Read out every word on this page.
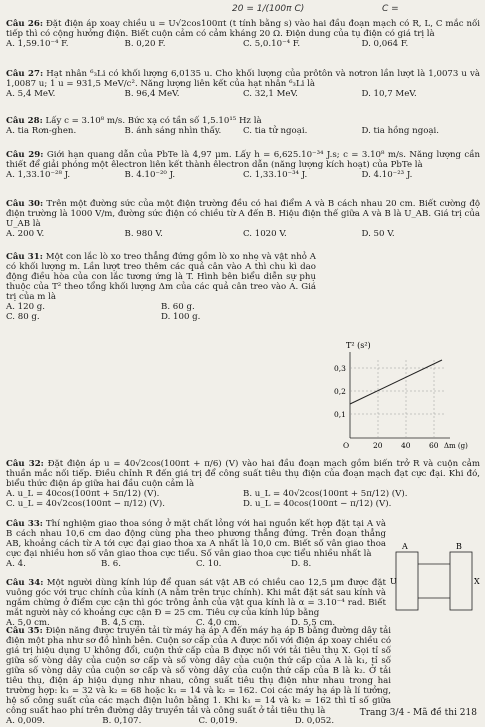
20 = 1/(100π C)	C =

Câu 26: Đặt điện áp xoay chiều u = U√2cos100πt (t tính bằng s) vào hai đầu đoạn mạch có R, L, C mắc nối tiếp thì có cộng hưởng điện. Biết cuộn cảm có cảm kháng 20 Ω. Điện dung của tụ điện có giá trị là

A. 1,59.10⁻⁴ F.	B. 0,20 F.	C. 5,0.10⁻⁴ F.	D. 0,064 F.

Câu 27: Hạt nhân ⁶₃Li có khối lượng 6,0135 u. Cho khối lượng của prôtôn và nơtron lần lượt là 1,0073 u và 1,0087 u; 1 u = 931,5 MeV/c². Năng lượng liên kết của hạt nhân ⁶₃Li là

A. 5,4 MeV.	B. 96,4 MeV.	C. 32,1 MeV.	D. 10,7 MeV.

Câu 28: Lấy c = 3.10⁸ m/s. Bức xạ có tần số 1,5.10¹⁵ Hz là

A. tia Rơn-ghen.	B. ánh sáng nhìn thấy.	C. tia tử ngoại.	D. tia hồng ngoại.

Câu 29: Giới hạn quang dẫn của PbTe là 4,97 μm. Lấy h = 6,625.10⁻³⁴ J.s; c = 3.10⁸ m/s. Năng lượng cần thiết để giải phóng một êlectron liên kết thành êlectron dẫn (năng lượng kích hoạt) của PbTe là

A. 1,33.10⁻²⁸ J.	B. 4.10⁻²⁰ J.	C. 1,33.10⁻³⁴ J.	D. 4.10⁻²³ J.

Câu 30: Trên một đường sức của một điện trường đều có hai điểm A và B cách nhau 20 cm. Biết cường độ điện trường là 1000 V/m, đường sức điện có chiều từ A đến B. Hiệu điện thế giữa A và B là U_AB. Giá trị của U_AB là

A. 200 V.	B. 980 V.	C. 1020 V.	D. 50 V.

Câu 31: Một con lắc lò xo treo thẳng đứng gồm lò xo nhẹ và vật nhỏ A có khối lượng m. Lần lượt treo thêm các quả cân vào A thì chu kì dao động điều hòa của con lắc tương ứng là T. Hình bên biểu diễn sự phụ thuộc của T² theo tổng khối lượng Δm của các quả cân treo vào A. Giá trị của m là

A. 120 g.	B. 60 g.
C. 80 g.	D. 100 g.
T² (s²)
0,3
0,2
0,1
O	20 40 60 Δm (g)

Câu 32: Đặt điện áp u = 40√2cos(100πt + π/6) (V) vào hai đầu đoạn mạch gồm biến trở R và cuộn cảm thuần mắc nối tiếp. Điều chỉnh R đến giá trị để công suất tiêu thụ điện của đoạn mạch đạt cực đại. Khi đó, biểu thức điện áp giữa hai đầu cuộn cảm là

A. u_L = 40cos(100πt + 5π/12) (V).	B. u_L = 40√2cos(100πt + 5π/12) (V).
C. u_L = 40√2cos(100πt − π/12) (V).	D. u_L = 40cos(100πt − π/12) (V).

Câu 33: Thí nghiệm giao thoa sóng ở mặt chất lỏng với hai nguồn kết hợp đặt tại A và B cách nhau 10,6 cm dao động cùng pha theo phương thẳng đứng. Trên đoạn thẳng AB, khoảng cách từ A tới cực đại giao thoa xa A nhất là 10,0 cm. Biết số vân giao thoa cực đại nhiều hơn số vân giao thoa cực tiểu. Số vân giao thoa cực tiểu nhiều nhất là

A. 4.	B. 6.	C. 10.	D. 8.

Câu 34: Một người dùng kính lúp để quan sát vật AB có chiều cao 12,5 μm được đặt vuông góc với trục chính của kính (A nằm trên trục chính). Khi mắt đặt sát sau kính và ngắm chừng ở điểm cực cận thì góc trông ảnh của vật qua kính là α = 3.10⁻⁴ rad. Biết mắt người này có khoảng cực cận Đ = 25 cm. Tiêu cự của kính lúp bằng

A. 5,0 cm.	B. 4,5 cm.	C. 4,0 cm.	D. 5,5 cm.
A	B
U	X

Câu 35: Điện năng được truyền tải từ máy hạ áp A đến máy hạ áp B bằng đường dây tải điện một pha như sơ đồ hình bên. Cuộn sơ cấp của A được nối với điện áp xoay chiều có giá trị hiệu dụng U không đổi, cuộn thứ cấp của B được nối với tải tiêu thụ X. Gọi tỉ số giữa số vòng dây của cuộn sơ cấp và số vòng dây của cuộn thứ cấp của A là k₁, tỉ số giữa số vòng dây của cuộn sơ cấp và số vòng dây của cuộn thứ cấp của B là k₂. Ở tải tiêu thụ, điện áp hiệu dụng như nhau, công suất tiêu thụ điện như nhau trong hai trường hợp: k₁ = 32 và k₂ = 68 hoặc k₁ = 14 và k₂ = 162. Coi các máy hạ áp là lí tưởng, hệ số công suất của các mạch điện luôn bằng 1. Khi k₁ = 14 và k₂ = 162 thì tỉ số giữa công suất hao phí trên đường dây truyền tải và công suất ở tải tiêu thụ là

A. 0,009.	B. 0,107.	C. 0,019.	D. 0,052.
Trang 3/4 - Mã đề thi 218
